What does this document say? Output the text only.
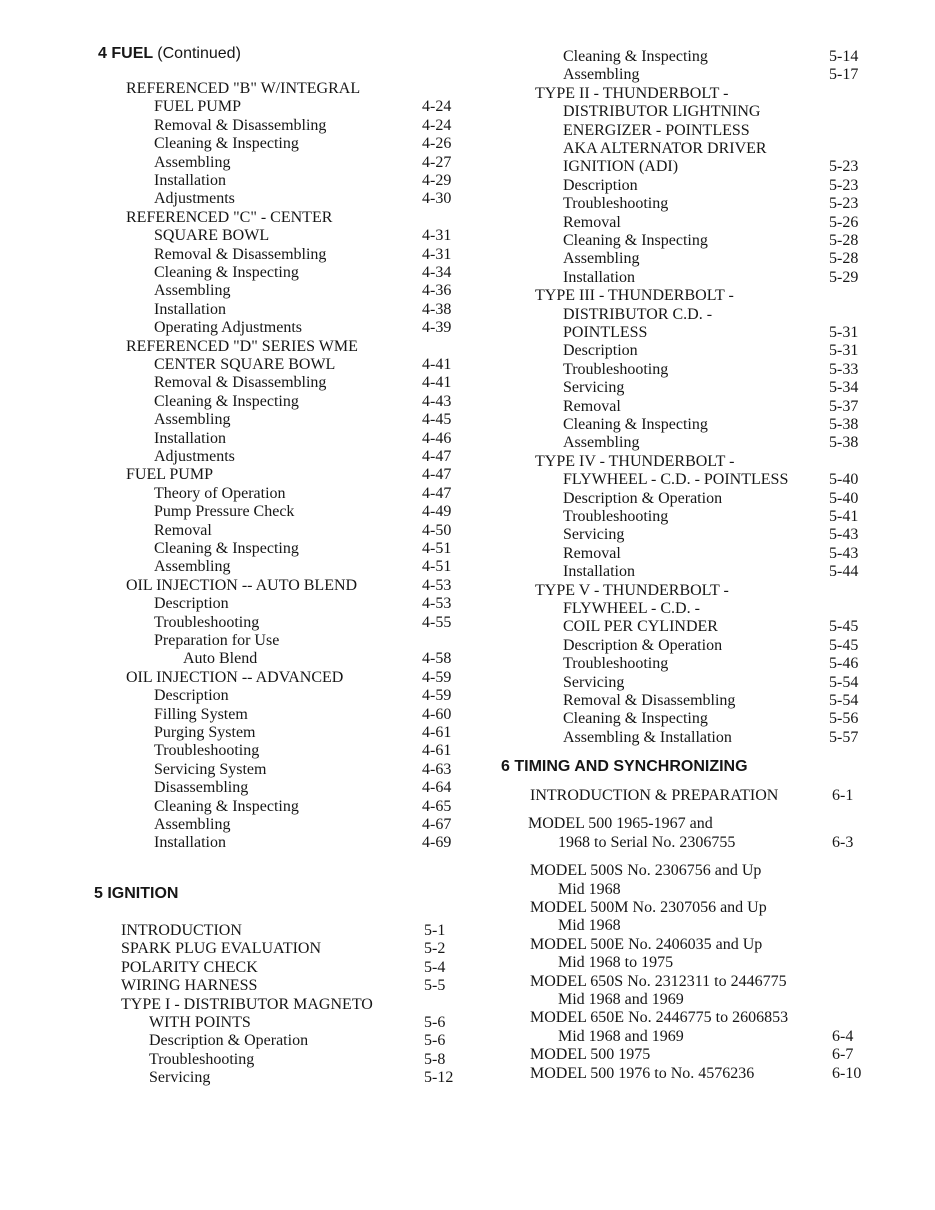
4 FUEL (Continued)
5 IGNITION
6 TIMING AND SYNCHRONIZING
REFERENCED "B" W/INTEGRAL
FUEL PUMP	4-24
Removal & Disassembling	4-24
Cleaning & Inspecting	4-26
Assembling	4-27
Installation	4-29
Adjustments	4-30
REFERENCED "C" - CENTER
SQUARE BOWL	4-31
Removal & Disassembling	4-31
Cleaning & Inspecting	4-34
Assembling	4-36
Installation	4-38
Operating Adjustments	4-39
REFERENCED "D" SERIES WME
CENTER SQUARE BOWL	4-41
Removal & Disassembling	4-41
Cleaning & Inspecting	4-43
Assembling	4-45
Installation	4-46
Adjustments	4-47
FUEL PUMP	4-47
Theory of Operation	4-47
Pump Pressure Check	4-49
Removal	4-50
Cleaning & Inspecting	4-51
Assembling	4-51
OIL INJECTION -- AUTO BLEND	4-53
Description	4-53
Troubleshooting	4-55
Preparation for Use
Auto Blend	4-58
OIL INJECTION -- ADVANCED	4-59
Description	4-59
Filling System	4-60
Purging System	4-61
Troubleshooting	4-61
Servicing System	4-63
Disassembling	4-64
Cleaning & Inspecting	4-65
Assembling	4-67
Installation	4-69
INTRODUCTION	5-1
SPARK PLUG EVALUATION	5-2
POLARITY CHECK	5-4
WIRING HARNESS	5-5
TYPE I - DISTRIBUTOR MAGNETO
WITH POINTS	5-6
Description & Operation	5-6
Troubleshooting	5-8
Servicing	5-12
Cleaning & Inspecting	5-14
Assembling	5-17
TYPE II - THUNDERBOLT -
DISTRIBUTOR LIGHTNING
ENERGIZER - POINTLESS
AKA ALTERNATOR DRIVER
IGNITION (ADI)	5-23
Description	5-23
Troubleshooting	5-23
Removal	5-26
Cleaning & Inspecting	5-28
Assembling	5-28
Installation	5-29
TYPE III - THUNDERBOLT -
DISTRIBUTOR C.D. -
POINTLESS	5-31
Description	5-31
Troubleshooting	5-33
Servicing	5-34
Removal	5-37
Cleaning & Inspecting	5-38
Assembling	5-38
TYPE IV - THUNDERBOLT -
FLYWHEEL - C.D. - POINTLESS	5-40
Description & Operation	5-40
Troubleshooting	5-41
Servicing	5-43
Removal	5-43
Installation	5-44
TYPE V - THUNDERBOLT -
FLYWHEEL - C.D. -
COIL PER CYLINDER	5-45
Description & Operation	5-45
Troubleshooting	5-46
Servicing	5-54
Removal & Disassembling	5-54
Cleaning & Inspecting	5-56
Assembling & Installation	5-57
INTRODUCTION & PREPARATION	6-1
MODEL 500 1965-1967 and
1968 to Serial No. 2306755	6-3
MODEL 500S No. 2306756 and Up
Mid 1968
MODEL 500M No. 2307056 and Up
Mid 1968
MODEL 500E No. 2406035 and Up
Mid 1968 to 1975
MODEL 650S No. 2312311 to 2446775
Mid 1968 and 1969
MODEL 650E No. 2446775 to 2606853
Mid 1968 and 1969	6-4
MODEL 500 1975	6-7
MODEL 500 1976 to No. 4576236	6-10
